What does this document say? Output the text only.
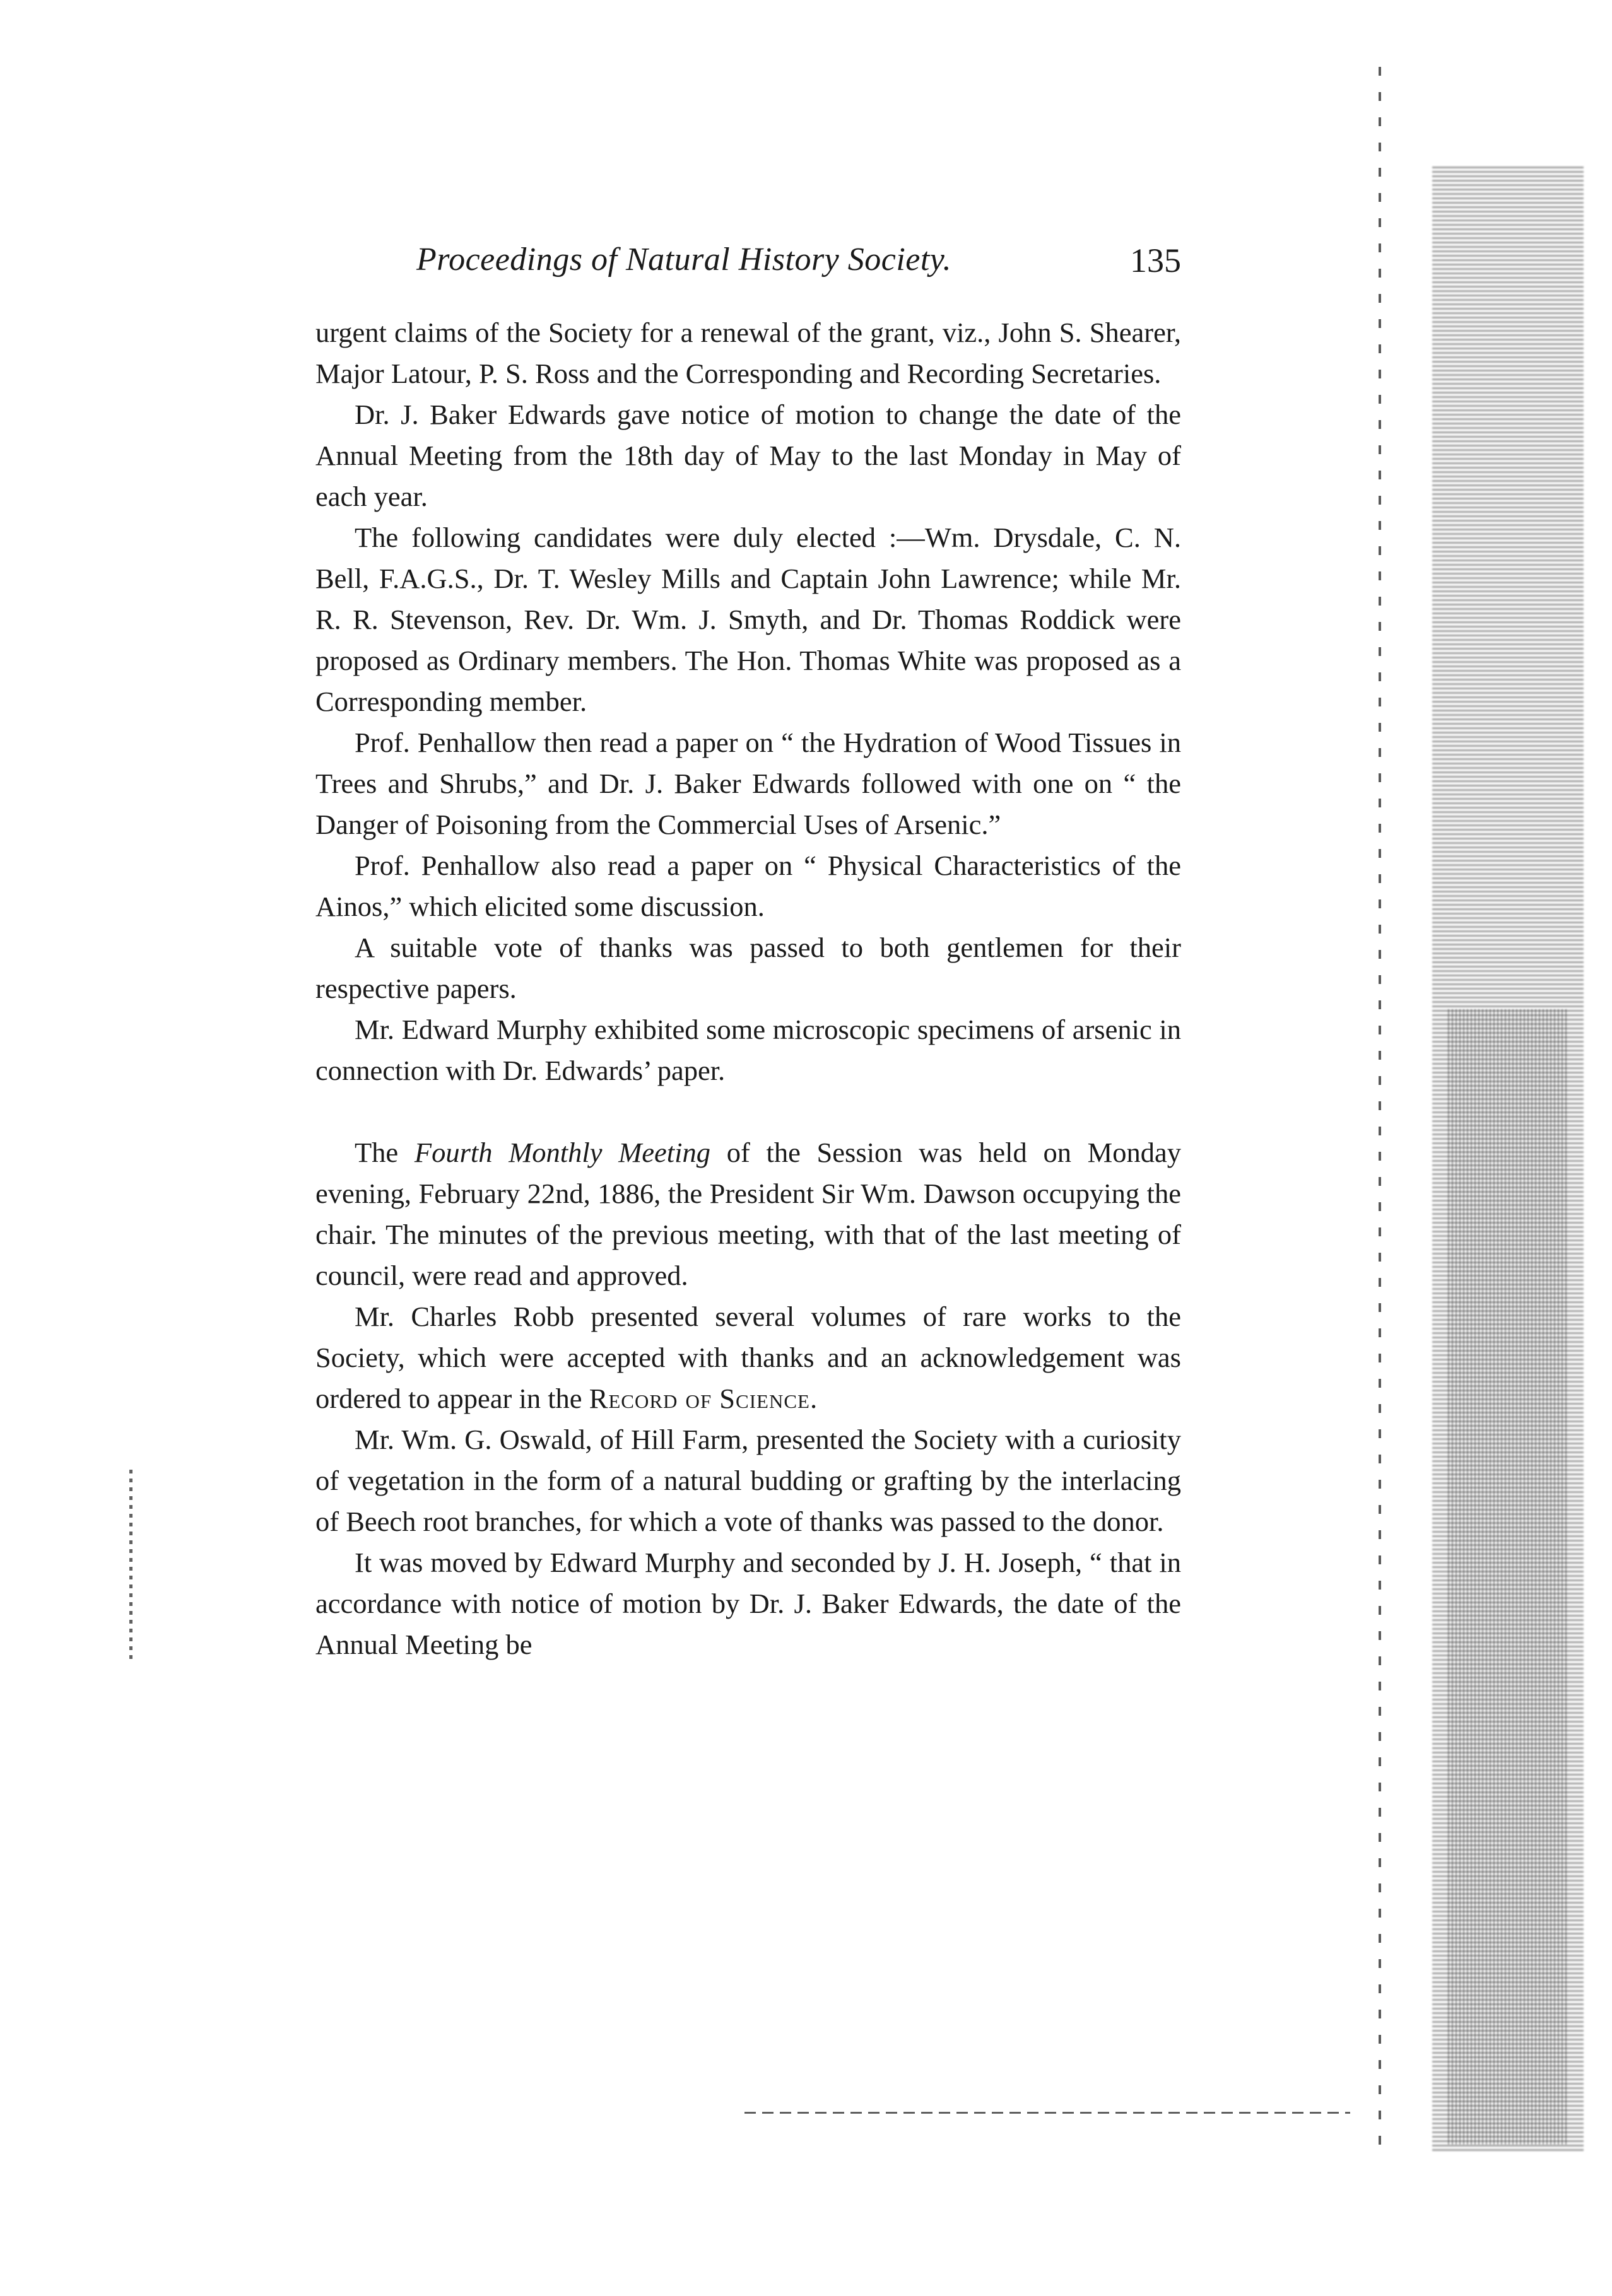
Proceedings of Natural History Society.	135

urgent claims of the Society for a renewal of the grant, viz., John S. Shearer, Major Latour, P. S. Ross and the Corresponding and Recording Secretaries.

Dr. J. Baker Edwards gave notice of motion to change the date of the Annual Meeting from the 18th day of May to the last Monday in May of each year.

The following candidates were duly elected :—Wm. Drysdale, C. N. Bell, F.A.G.S., Dr. T. Wesley Mills and Captain John Lawrence; while Mr. R. R. Stevenson, Rev. Dr. Wm. J. Smyth, and Dr. Thomas Roddick were proposed as Ordinary members. The Hon. Thomas White was proposed as a Corresponding member.

Prof. Penhallow then read a paper on “ the Hydration of Wood Tissues in Trees and Shrubs,” and Dr. J. Baker Edwards followed with one on “ the Danger of Poisoning from the Commercial Uses of Arsenic.”

Prof. Penhallow also read a paper on “ Physical Characteristics of the Ainos,” which elicited some discussion.

A suitable vote of thanks was passed to both gentlemen for their respective papers.

Mr. Edward Murphy exhibited some microscopic specimens of arsenic in connection with Dr. Edwards’ paper.

The Fourth Monthly Meeting of the Session was held on Monday evening, February 22nd, 1886, the President Sir Wm. Dawson occupying the chair. The minutes of the previous meeting, with that of the last meeting of council, were read and approved.

Mr. Charles Robb presented several volumes of rare works to the Society, which were accepted with thanks and an acknowledgement was ordered to appear in the Record of Science.

Mr. Wm. G. Oswald, of Hill Farm, presented the Society with a curiosity of vegetation in the form of a natural budding or grafting by the interlacing of Beech root branches, for which a vote of thanks was passed to the donor.

It was moved by Edward Murphy and seconded by J. H. Joseph, “ that in accordance with notice of motion by Dr. J. Baker Edwards, the date of the Annual Meeting be
